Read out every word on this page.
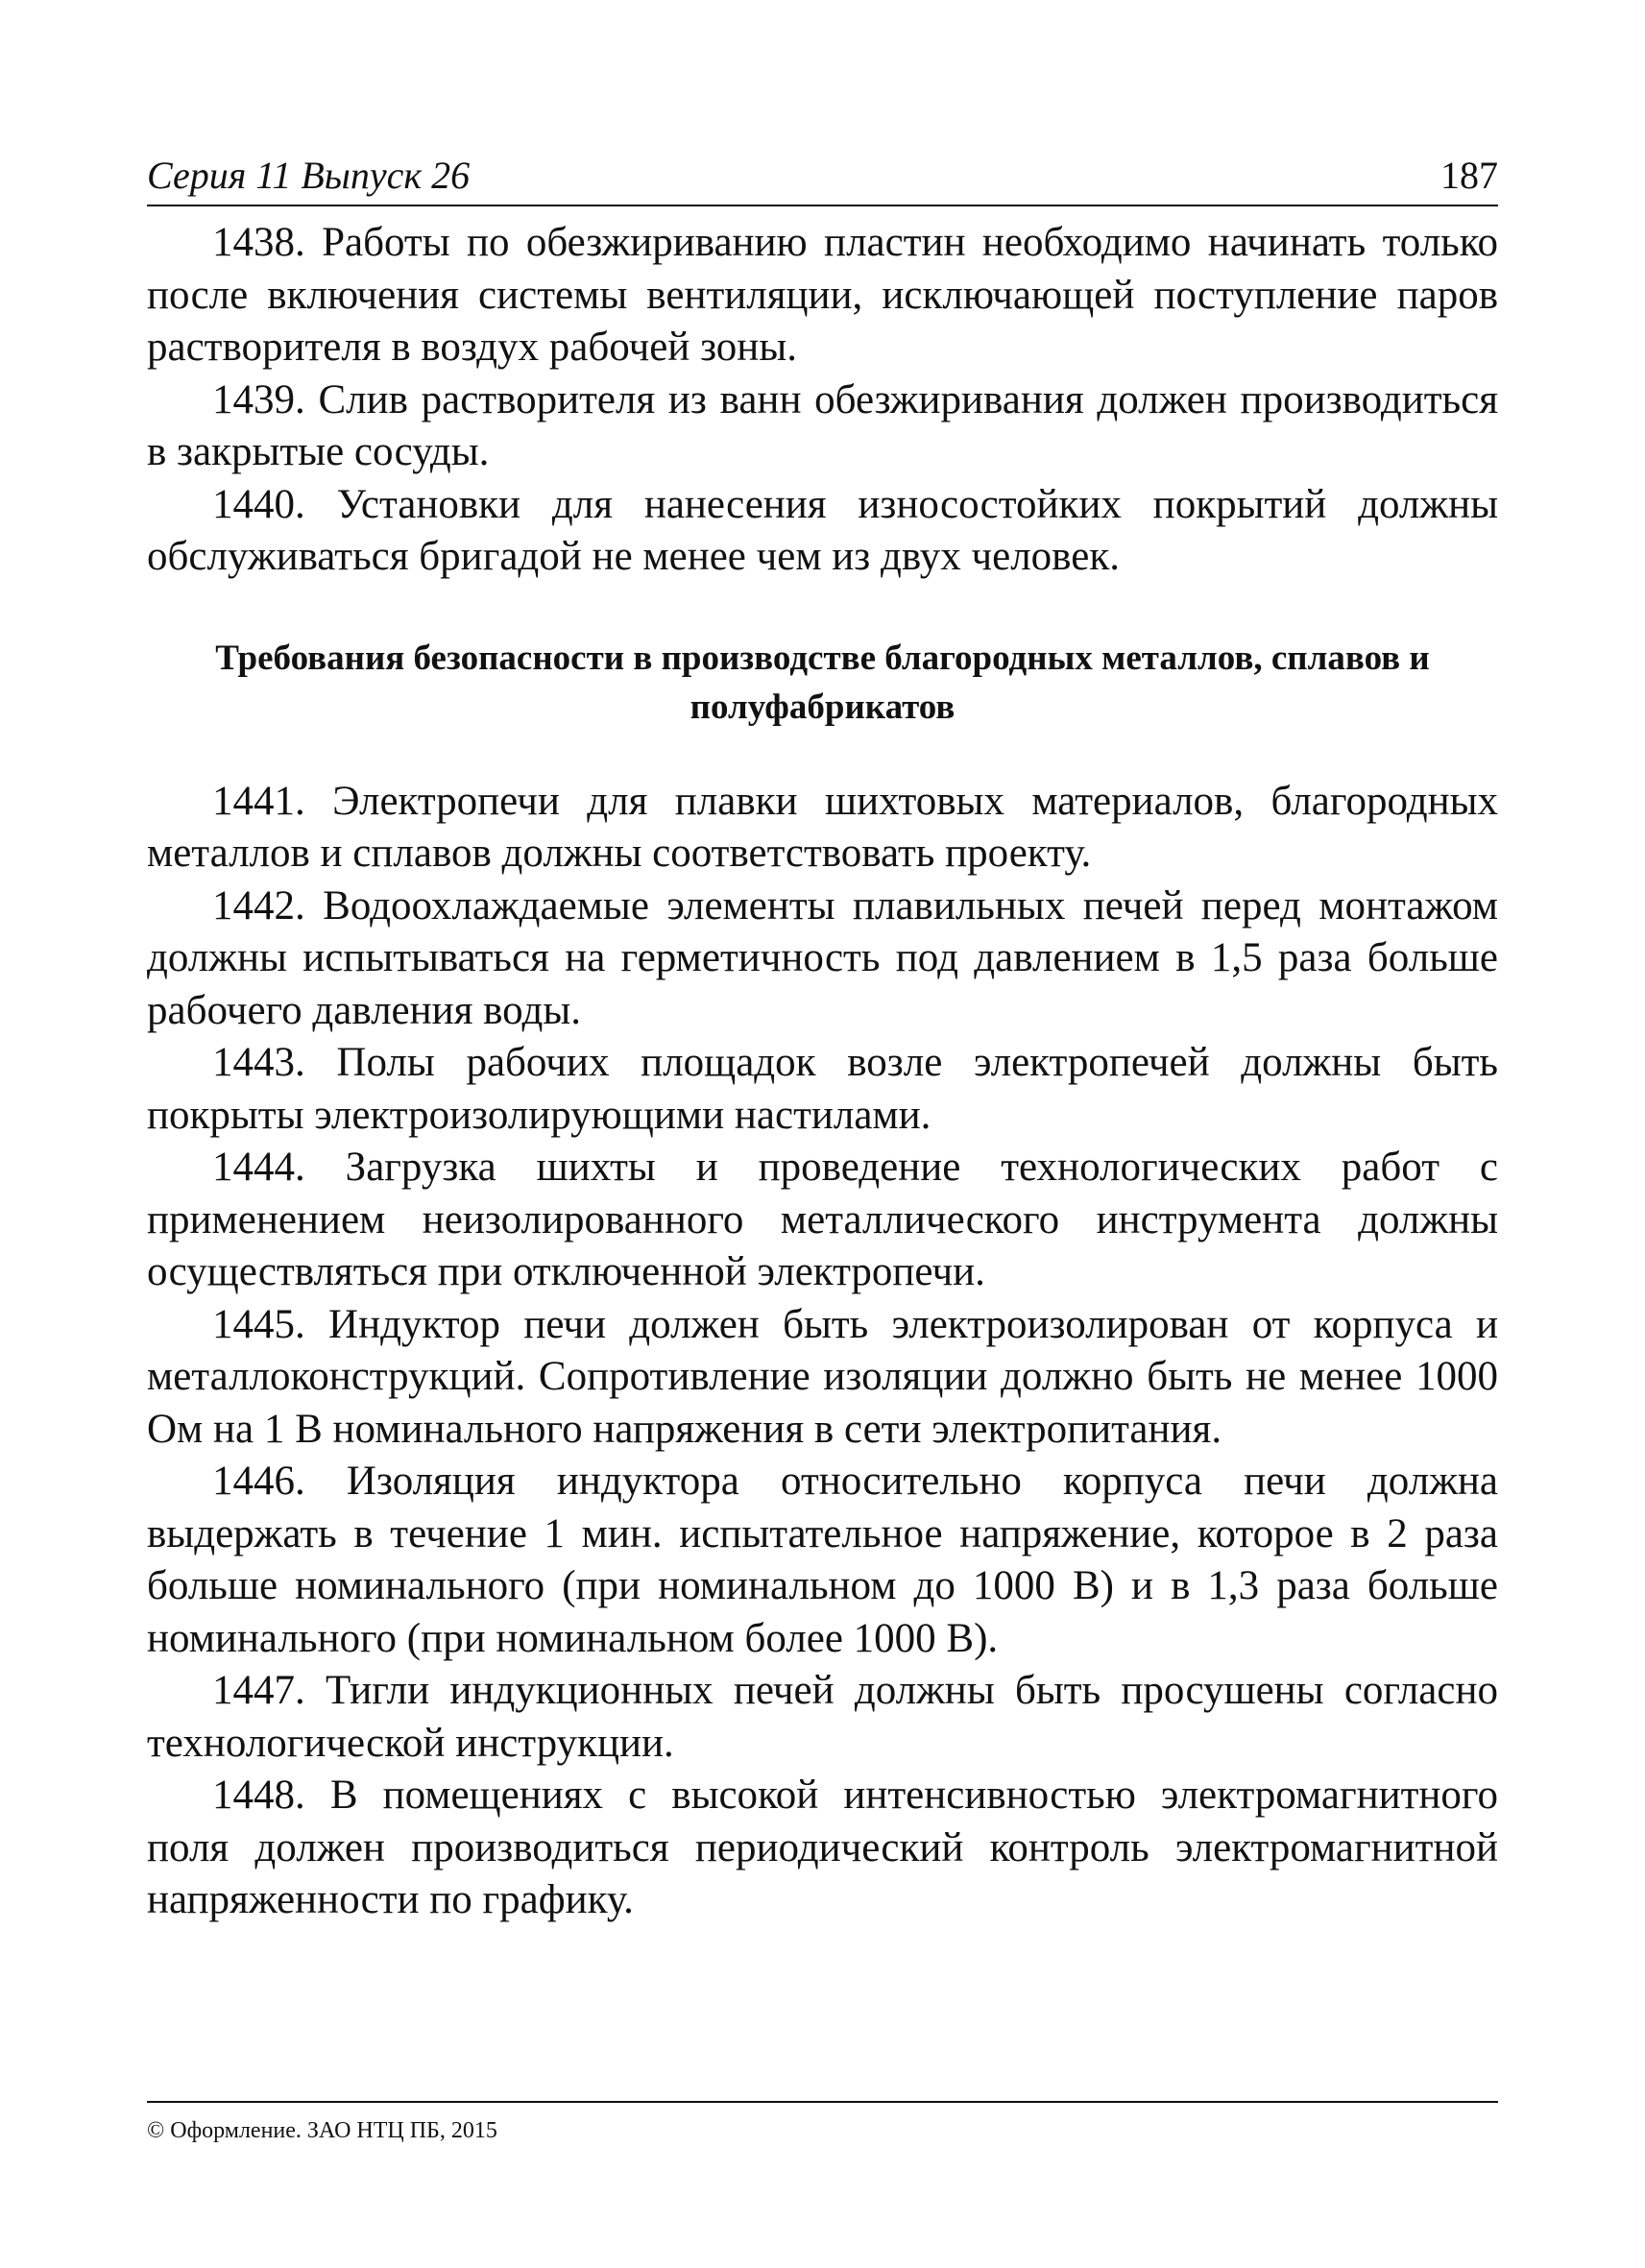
Серия 11 Выпуск 26	187

1438. Работы по обезжириванию пластин необходимо начинать только после включения системы вентиляции, исключающей поступление паров растворителя в воздух рабочей зоны.

1439. Слив растворителя из ванн обезжиривания должен производиться в закрытые сосуды.

1440. Установки для нанесения износостойких покрытий должны обслуживаться бригадой не менее чем из двух человек.

Требования безопасности в производстве благородных металлов, сплавов и полуфабрикатов

1441. Электропечи для плавки шихтовых материалов, благородных металлов и сплавов должны соответствовать проекту.

1442. Водоохлаждаемые элементы плавильных печей перед монтажом должны испытываться на герметичность под давлением в 1,5 раза больше рабочего давления воды.

1443. Полы рабочих площадок возле электропечей должны быть покрыты электроизолирующими настилами.

1444. Загрузка шихты и проведение технологических работ с применением неизолированного металлического инструмента должны осуществляться при отключенной электропечи.

1445. Индуктор печи должен быть электроизолирован от корпуса и металлоконструкций. Сопротивление изоляции должно быть не менее 1000 Ом на 1 В номинального напряжения в сети электропитания.

1446. Изоляция индуктора относительно корпуса печи должна выдержать в течение 1 мин. испытательное напряжение, которое в 2 раза больше номинального (при номинальном до 1000 В) и в 1,3 раза больше номинального (при номинальном более 1000 В).

1447. Тигли индукционных печей должны быть просушены согласно технологической инструкции.

1448. В помещениях с высокой интенсивностью электромагнитного поля должен производиться периодический контроль электромагнитной напряженности по графику.

© Оформление. ЗАО НТЦ ПБ, 2015
